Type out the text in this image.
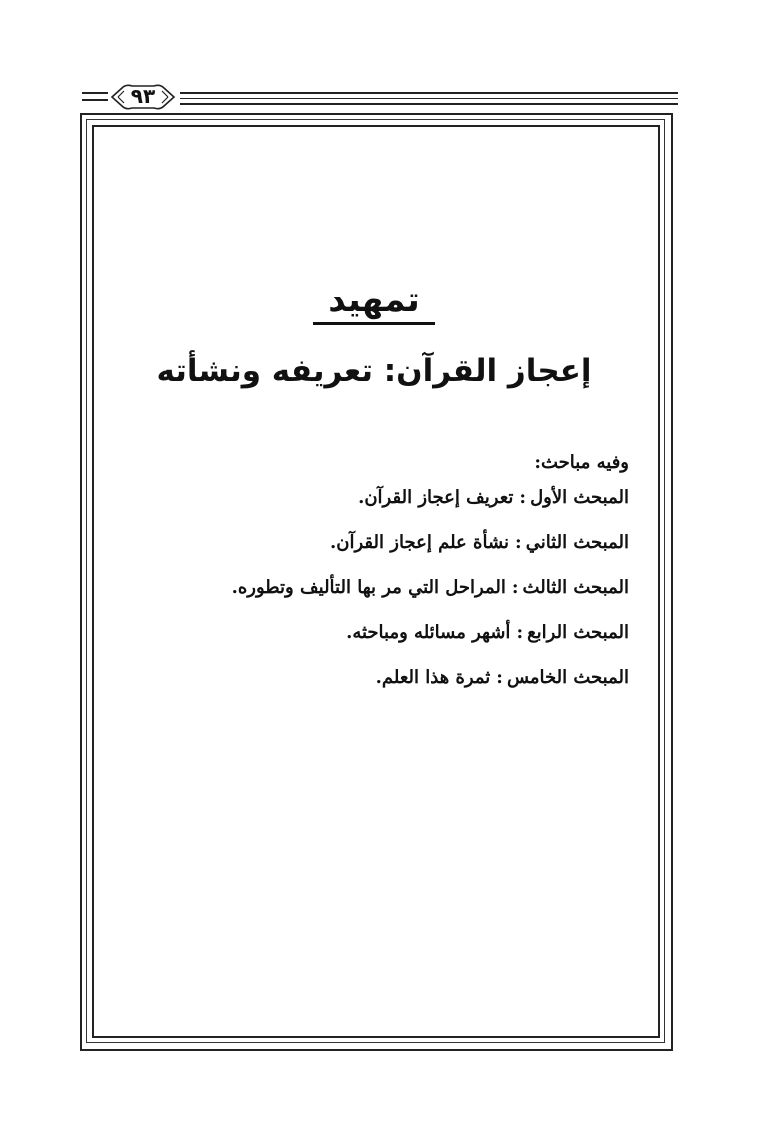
٩٣
تمهيد
إعجاز القرآن: تعريفه ونشأته
وفيه مباحث:
المبحث الأول:تعريف إعجاز القرآن.
المبحث الثاني:نشأة علم إعجاز القرآن.
المبحث الثالث:المراحل التي مر بها التأليف وتطوره.
المبحث الرابع:أشهر مسائله ومباحثه.
المبحث الخامس:ثمرة هذا العلم.
